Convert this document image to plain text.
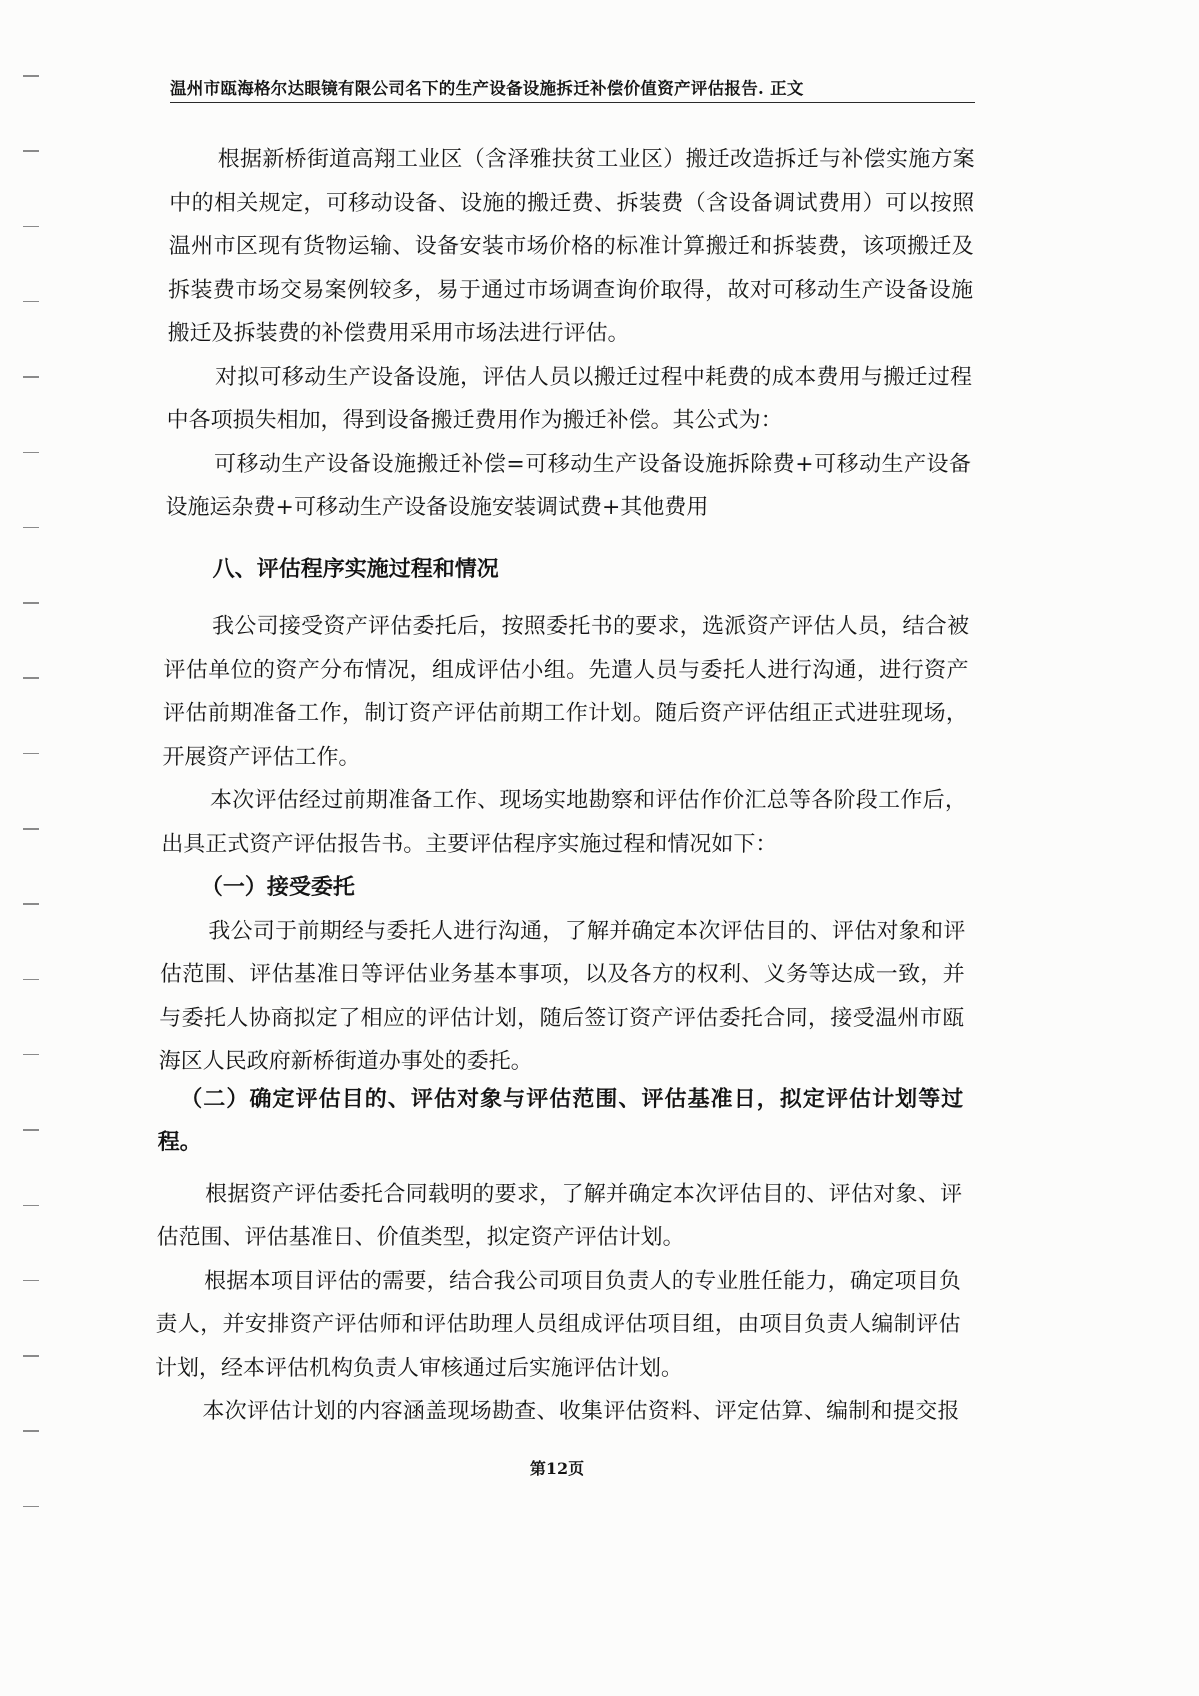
温州市瓯海格尔达眼镜有限公司名下的生产设备设施拆迁补偿价值资产评估报告. 正文
根据新桥街道高翔工业区（含泽雅扶贫工业区）搬迁改造拆迁与补偿实施方案
中的相关规定，可移动设备、设施的搬迁费、拆装费（含设备调试费用）可以按照
温州市区现有货物运输、设备安装市场价格的标准计算搬迁和拆装费，该项搬迁及
拆装费市场交易案例较多，易于通过市场调查询价取得，故对可移动生产设备设施
搬迁及拆装费的补偿费用采用市场法进行评估。
对拟可移动生产设备设施，评估人员以搬迁过程中耗费的成本费用与搬迁过程
中各项损失相加，得到设备搬迁费用作为搬迁补偿。其公式为：
可移动生产设备设施搬迁补偿=可移动生产设备设施拆除费+可移动生产设备
设施运杂费+可移动生产设备设施安装调试费+其他费用
八、评估程序实施过程和情况
我公司接受资产评估委托后，按照委托书的要求，选派资产评估人员，结合被
评估单位的资产分布情况，组成评估小组。先遣人员与委托人进行沟通，进行资产
评估前期准备工作，制订资产评估前期工作计划。随后资产评估组正式进驻现场，
开展资产评估工作。
本次评估经过前期准备工作、现场实地勘察和评估作价汇总等各阶段工作后，
出具正式资产评估报告书。主要评估程序实施过程和情况如下：
（一）接受委托
我公司于前期经与委托人进行沟通，了解并确定本次评估目的、评估对象和评
估范围、评估基准日等评估业务基本事项，以及各方的权利、义务等达成一致，并
与委托人协商拟定了相应的评估计划，随后签订资产评估委托合同，接受温州市瓯
海区人民政府新桥街道办事处的委托。
（二）确定评估目的、评估对象与评估范围、评估基准日，拟定评估计划等过
程。
根据资产评估委托合同载明的要求，了解并确定本次评估目的、评估对象、评
估范围、评估基准日、价值类型，拟定资产评估计划。
根据本项目评估的需要，结合我公司项目负责人的专业胜任能力，确定项目负
责人，并安排资产评估师和评估助理人员组成评估项目组，由项目负责人编制评估
计划，经本评估机构负责人审核通过后实施评估计划。
本次评估计划的内容涵盖现场勘查、收集评估资料、评定估算、编制和提交报
第12页
